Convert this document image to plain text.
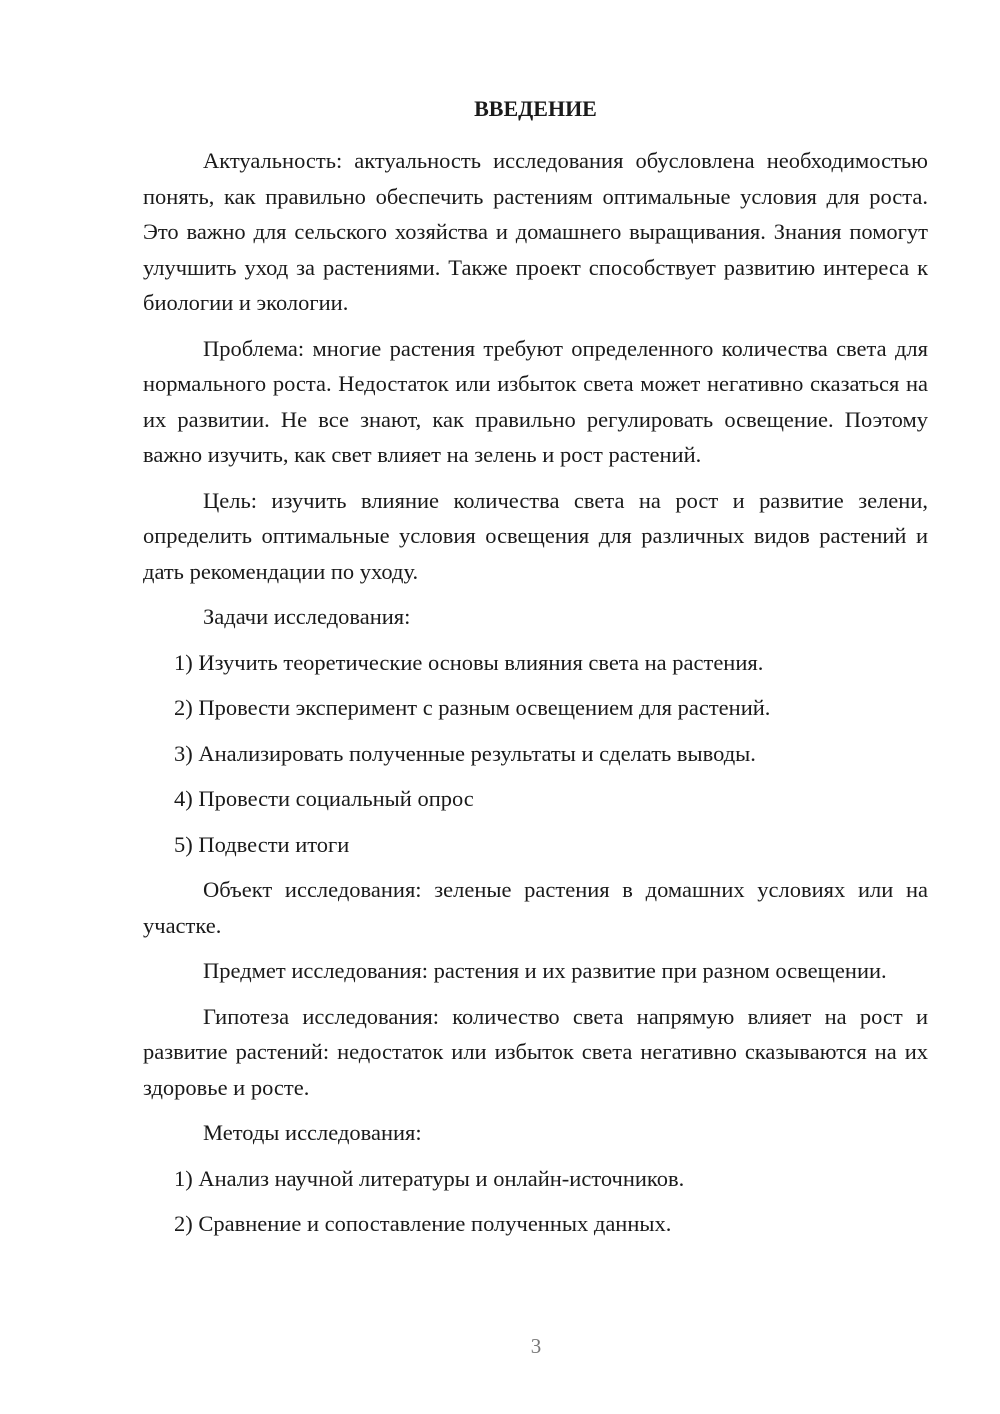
ВВЕДЕНИЕ

Актуальность: актуальность исследования обусловлена необходимостью понять, как правильно обеспечить растениям оптимальные условия для роста. Это важно для сельского хозяйства и домашнего выращивания. Знания помогут улучшить уход за растениями. Также проект способствует развитию интереса к биологии и экологии.

Проблема: многие растения требуют определенного количества света для нормального роста. Недостаток или избыток света может негативно сказаться на их развитии. Не все знают, как правильно регулировать освещение. Поэтому важно изучить, как свет влияет на зелень и рост растений.

Цель: изучить влияние количества света на рост и развитие зелени, определить оптимальные условия освещения для различных видов растений и дать рекомендации по уходу.

Задачи исследования:

1) Изучить теоретические основы влияния света на растения.

2) Провести эксперимент с разным освещением для растений.

3) Анализировать полученные результаты и сделать выводы.

4) Провести социальный опрос

5) Подвести итоги

Объект исследования: зеленые растения в домашних условиях или на участке.

Предмет исследования: растения и их развитие при разном освещении.

Гипотеза исследования: количество света напрямую влияет на рост и развитие растений: недостаток или избыток света негативно сказываются на их здоровье и росте.

Методы исследования:

1) Анализ научной литературы и онлайн-источников.

2) Сравнение и сопоставление полученных данных.

3
